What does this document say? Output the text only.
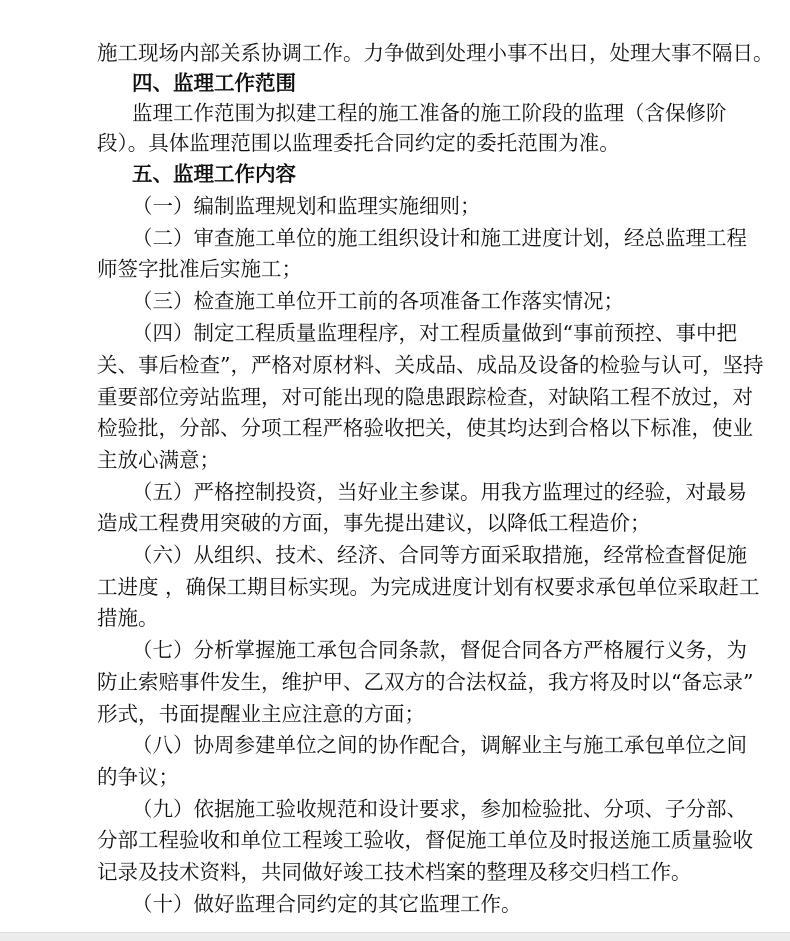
施工现场内部关系协调工作。力争做到处理小事不出日，处理大事不隔日。
四、监理工作范围
监理工作范围为拟建工程的施工准备的施工阶段的监理（含保修阶
段）。具体监理范围以监理委托合同约定的委托范围为准。
五、监理工作内容
（一）编制监理规划和监理实施细则；
（二）审查施工单位的施工组织设计和施工进度计划，经总监理工程
师签字批准后实施工；
（三）检查施工单位开工前的各项准备工作落实情况；
（四）制定工程质量监理程序，对工程质量做到“事前预控、事中把
关、事后检查”，严格对原材料、关成品、成品及设备的检验与认可，坚持
重要部位旁站监理，对可能出现的隐患跟踪检查，对缺陷工程不放过，对
检验批，分部、分项工程严格验收把关，使其均达到合格以下标准，使业
主放心满意；
（五）严格控制投资，当好业主参谋。用我方监理过的经验，对最易
造成工程费用突破的方面，事先提出建议，以降低工程造价；
（六）从组织、技术、经济、合同等方面采取措施，经常检查督促施
工进度 ，确保工期目标实现。为完成进度计划有权要求承包单位采取赶工
措施。
（七）分析掌握施工承包合同条款，督促合同各方严格履行义务，为
防止索赔事件发生，维护甲、乙双方的合法权益，我方将及时以“备忘录”
形式，书面提醒业主应注意的方面；
（八）协周参建单位之间的协作配合，调解业主与施工承包单位之间
的争议；
（九）依据施工验收规范和设计要求，参加检验批、分项、子分部、
分部工程验收和单位工程竣工验收，督促施工单位及时报送施工质量验收
记录及技术资料，共同做好竣工技术档案的整理及移交归档工作。
（十）做好监理合同约定的其它监理工作。
